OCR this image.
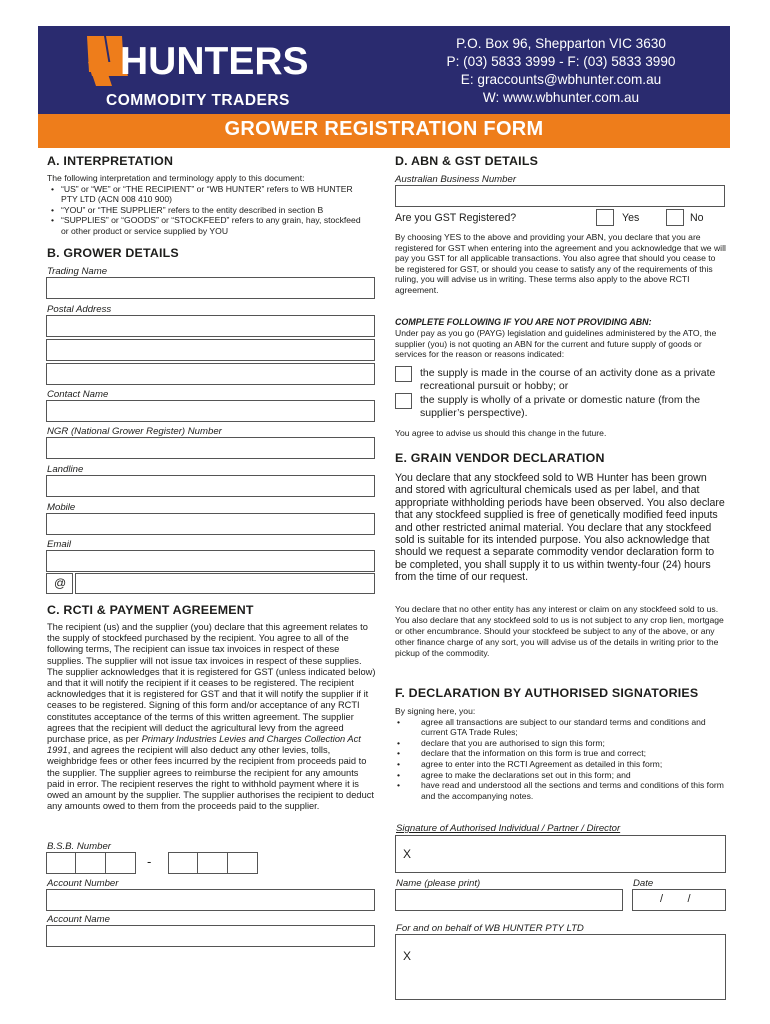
HUNTERS
COMMODITY TRADERS
P.O. Box 96, Shepparton VIC 3630
P: (03) 5833 3999 - F: (03) 5833 3990
E: graccounts@wbhunter.com.au
W: www.wbhunter.com.au
GROWER REGISTRATION FORM
A. INTERPRETATION
The following interpretation and terminology apply to this document:
• “US” or “WE” or “THE RECIPIENT” or “WB HUNTER” refers to WB HUNTER PTY LTD (ACN 008 410 900)
• “YOU” or “THE SUPPLIER” refers to the entity described in section B
• “SUPPLIES” or “GOODS” or “STOCKFEED” refers to any grain, hay, stockfeed or other product or service supplied by YOU
B. GROWER DETAILS
Trading Name
Postal Address
Contact Name
NGR (National Grower Register) Number
Landline
Mobile
Email
@
C. RCTI & PAYMENT AGREEMENT
The recipient (us) and the supplier (you) declare that this agreement relates to the supply of stockfeed purchased by the recipient. You agree to all of the following terms, The recipient can issue tax invoices in respect of these supplies. The supplier will not issue tax invoices in respect of these supplies. The supplier acknowledges that it is registered for GST (unless indicated below) and that it will notify the recipient if it ceases to be registered. The recipient acknowledges that it is registered for GST and that it will notify the supplier if it ceases to be registered. Signing of this form and/or acceptance of any RCTI constitutes acceptance of the terms of this written agreement. The supplier agrees that the recipient will deduct the agricultural levy from the agreed purchase price, as per Primary Industries Levies and Charges Collection Act 1991, and agrees the recipient will also deduct any other levies, tolls, weighbridge fees or other fees incurred by the recipient from proceeds paid to the supplier. The supplier agrees to reimburse the recipient for any amounts paid in error. The recipient reserves the right to withhold payment where it is owed an amount by the supplier. The supplier authorises the recipient to deduct any amounts owed to them from the proceeds paid to the supplier.
B.S.B. Number
-
Account Number
Account Name
D. ABN & GST DETAILS
Australian Business Number
Are you GST Registered?	Yes	No
By choosing YES to the above and providing your ABN, you declare that you are registered for GST when entering into the agreement and you acknowledge that we will pay you GST for all applicable transactions. You also agree that should you cease to be registered for GST, or should you cease to satisfy any of the requirements of this ruling, you will advise us in writing. These terms also apply to the above RCTI agreement.
COMPLETE FOLLOWING IF YOU ARE NOT PROVIDING ABN:
Under pay as you go (PAYG) legislation and guidelines administered by the ATO, the supplier (you) is not quoting an ABN for the current and future supply of goods or services for the reason or reasons indicated:
the supply is made in the course of an activity done as a private recreational pursuit or hobby; or
the supply is wholly of a private or domestic nature (from the supplier’s perspective).
You agree to advise us should this change in the future.
E. GRAIN VENDOR DECLARATION
You declare that any stockfeed sold to WB Hunter has been grown and stored with agricultural chemicals used as per label, and that appropriate withholding periods have been observed. You also declare that any stockfeed supplied is free of genetically modified feed inputs and other restricted animal material. You declare that any stockfeed sold is suitable for its intended purpose. You also acknowledge that should we request a separate commodity vendor declaration form to be completed, you shall supply it to us within twenty-four (24) hours from the time of our request.
You declare that no other entity has any interest or claim on any stockfeed sold to us. You also declare that any stockfeed sold to us is not subject to any crop lien, mortgage or other encumbrance. Should your stockfeed be subject to any of the above, or any other finance charge of any sort, you will advise us of the details in writing prior to the pickup of the commodity.
F. DECLARATION BY AUTHORISED SIGNATORIES
By signing here, you:
• agree all transactions are subject to our standard terms and conditions and current GTA Trade Rules;
• declare that you are authorised to sign this form;
• declare that the information on this form is true and correct;
• agree to enter into the RCTI Agreement as detailed in this form;
• agree to make the declarations set out in this form; and
• have read and understood all the sections and terms and conditions of this form and the accompanying notes.
Signature of Authorised Individual / Partner / Director
X
Name (please print)	Date
/        /
For and on behalf of WB HUNTER PTY LTD
X
